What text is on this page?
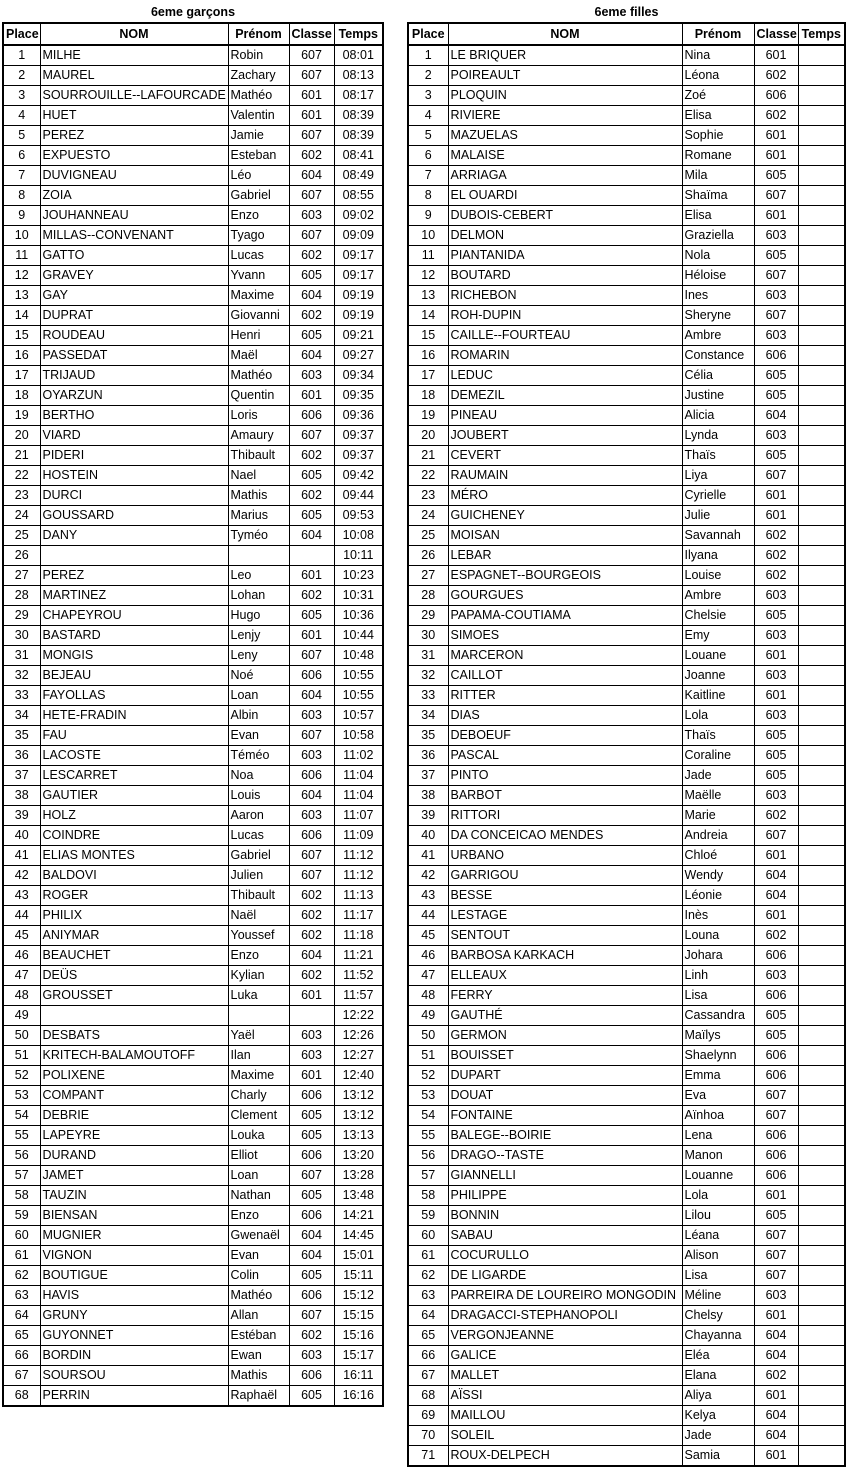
6eme garçons
Place	NOM	Prénom	Classe	Temps
1	MILHE	Robin	607	08:01
2	MAUREL	Zachary	607	08:13
3	SOURROUILLE--LAFOURCADE	Mathéo	601	08:17
4	HUET	Valentin	601	08:39
5	PEREZ	Jamie	607	08:39
6	EXPUESTO	Esteban	602	08:41
7	DUVIGNEAU	Léo	604	08:49
8	ZOIA	Gabriel	607	08:55
9	JOUHANNEAU	Enzo	603	09:02
10	MILLAS--CONVENANT	Tyago	607	09:09
11	GATTO	Lucas	602	09:17
12	GRAVEY	Yvann	605	09:17
13	GAY	Maxime	604	09:19
14	DUPRAT	Giovanni	602	09:19
15	ROUDEAU	Henri	605	09:21
16	PASSEDAT	Maël	604	09:27
17	TRIJAUD	Mathéo	603	09:34
18	OYARZUN	Quentin	601	09:35
19	BERTHO	Loris	606	09:36
20	VIARD	Amaury	607	09:37
21	PIDERI	Thibault	602	09:37
22	HOSTEIN	Nael	605	09:42
23	DURCI	Mathis	602	09:44
24	GOUSSARD	Marius	605	09:53
25	DANY	Tyméo	604	10:08
26				10:11
27	PEREZ	Leo	601	10:23
28	MARTINEZ	Lohan	602	10:31
29	CHAPEYROU	Hugo	605	10:36
30	BASTARD	Lenjy	601	10:44
31	MONGIS	Leny	607	10:48
32	BEJEAU	Noé	606	10:55
33	FAYOLLAS	Loan	604	10:55
34	HETE-FRADIN	Albin	603	10:57
35	FAU	Evan	607	10:58
36	LACOSTE	Téméo	603	11:02
37	LESCARRET	Noa	606	11:04
38	GAUTIER	Louis	604	11:04
39	HOLZ	Aaron	603	11:07
40	COINDRE	Lucas	606	11:09
41	ELIAS MONTES	Gabriel	607	11:12
42	BALDOVI	Julien	607	11:12
43	ROGER	Thibault	602	11:13
44	PHILIX	Naël	602	11:17
45	ANIYMAR	Youssef	602	11:18
46	BEAUCHET	Enzo	604	11:21
47	DEÜS	Kylian	602	11:52
48	GROUSSET	Luka	601	11:57
49				12:22
50	DESBATS	Yaël	603	12:26
51	KRITECH-BALAMOUTOFF	Ilan	603	12:27
52	POLIXENE	Maxime	601	12:40
53	COMPANT	Charly	606	13:12
54	DEBRIE	Clement	605	13:12
55	LAPEYRE	Louka	605	13:13
56	DURAND	Elliot	606	13:20
57	JAMET	Loan	607	13:28
58	TAUZIN	Nathan	605	13:48
59	BIENSAN	Enzo	606	14:21
60	MUGNIER	Gwenaël	604	14:45
61	VIGNON	Evan	604	15:01
62	BOUTIGUE	Colin	605	15:11
63	HAVIS	Mathéo	606	15:12
64	GRUNY	Allan	607	15:15
65	GUYONNET	Estéban	602	15:16
66	BORDIN	Ewan	603	15:17
67	SOURSOU	Mathis	606	16:11
68	PERRIN	Raphaël	605	16:16
6eme filles
Place	NOM	Prénom	Classe	Temps
1	LE BRIQUER	Nina	601	
2	POIREAULT	Léona	602	
3	PLOQUIN	Zoé	606	
4	RIVIERE	Elisa	602	
5	MAZUELAS	Sophie	601	
6	MALAISE	Romane	601	
7	ARRIAGA	Mila	605	
8	EL OUARDI	Shaïma	607	
9	DUBOIS-CEBERT	Elisa	601	
10	DELMON	Graziella	603	
11	PIANTANIDA	Nola	605	
12	BOUTARD	Héloise	607	
13	RICHEBON	Ines	603	
14	ROH-DUPIN	Sheryne	607	
15	CAILLE--FOURTEAU	Ambre	603	
16	ROMARIN	Constance	606	
17	LEDUC	Célia	605	
18	DEMEZIL	Justine	605	
19	PINEAU	Alicia	604	
20	JOUBERT	Lynda	603	
21	CEVERT	Thaïs	605	
22	RAUMAIN	Liya	607	
23	MÉRO	Cyrielle	601	
24	GUICHENEY	Julie	601	
25	MOISAN	Savannah	602	
26	LEBAR	Ilyana	602	
27	ESPAGNET--BOURGEOIS	Louise	602	
28	GOURGUES	Ambre	603	
29	PAPAMA-COUTIAMA	Chelsie	605	
30	SIMOES	Emy	603	
31	MARCERON	Louane	601	
32	CAILLOT	Joanne	603	
33	RITTER	Kaitline	601	
34	DIAS	Lola	603	
35	DEBOEUF	Thaïs	605	
36	PASCAL	Coraline	605	
37	PINTO	Jade	605	
38	BARBOT	Maëlle	603	
39	RITTORI	Marie	602	
40	DA CONCEICAO MENDES	Andreia	607	
41	URBANO	Chloé	601	
42	GARRIGOU	Wendy	604	
43	BESSE	Léonie	604	
44	LESTAGE	Inès	601	
45	SENTOUT	Louna	602	
46	BARBOSA KARKACH	Johara	606	
47	ELLEAUX	Linh	603	
48	FERRY	Lisa	606	
49	GAUTHÉ	Cassandra	605	
50	GERMON	Maïlys	605	
51	BOUISSET	Shaelynn	606	
52	DUPART	Emma	606	
53	DOUAT	Eva	607	
54	FONTAINE	Aïnhoa	607	
55	BALEGE--BOIRIE	Lena	606	
56	DRAGO--TASTE	Manon	606	
57	GIANNELLI	Louanne	606	
58	PHILIPPE	Lola	601	
59	BONNIN	Lilou	605	
60	SABAU	Léana	607	
61	COCURULLO	Alison	607	
62	DE LIGARDE	Lisa	607	
63	PARREIRA DE LOUREIRO MONGODIN	Méline	603	
64	DRAGACCI-STEPHANOPOLI	Chelsy	601	
65	VERGONJEANNE	Chayanna	604	
66	GALICE	Eléa	604	
67	MALLET	Elana	602	
68	AÏSSI	Aliya	601	
69	MAILLOU	Kelya	604	
70	SOLEIL	Jade	604	
71	ROUX-DELPECH	Samia	601	
